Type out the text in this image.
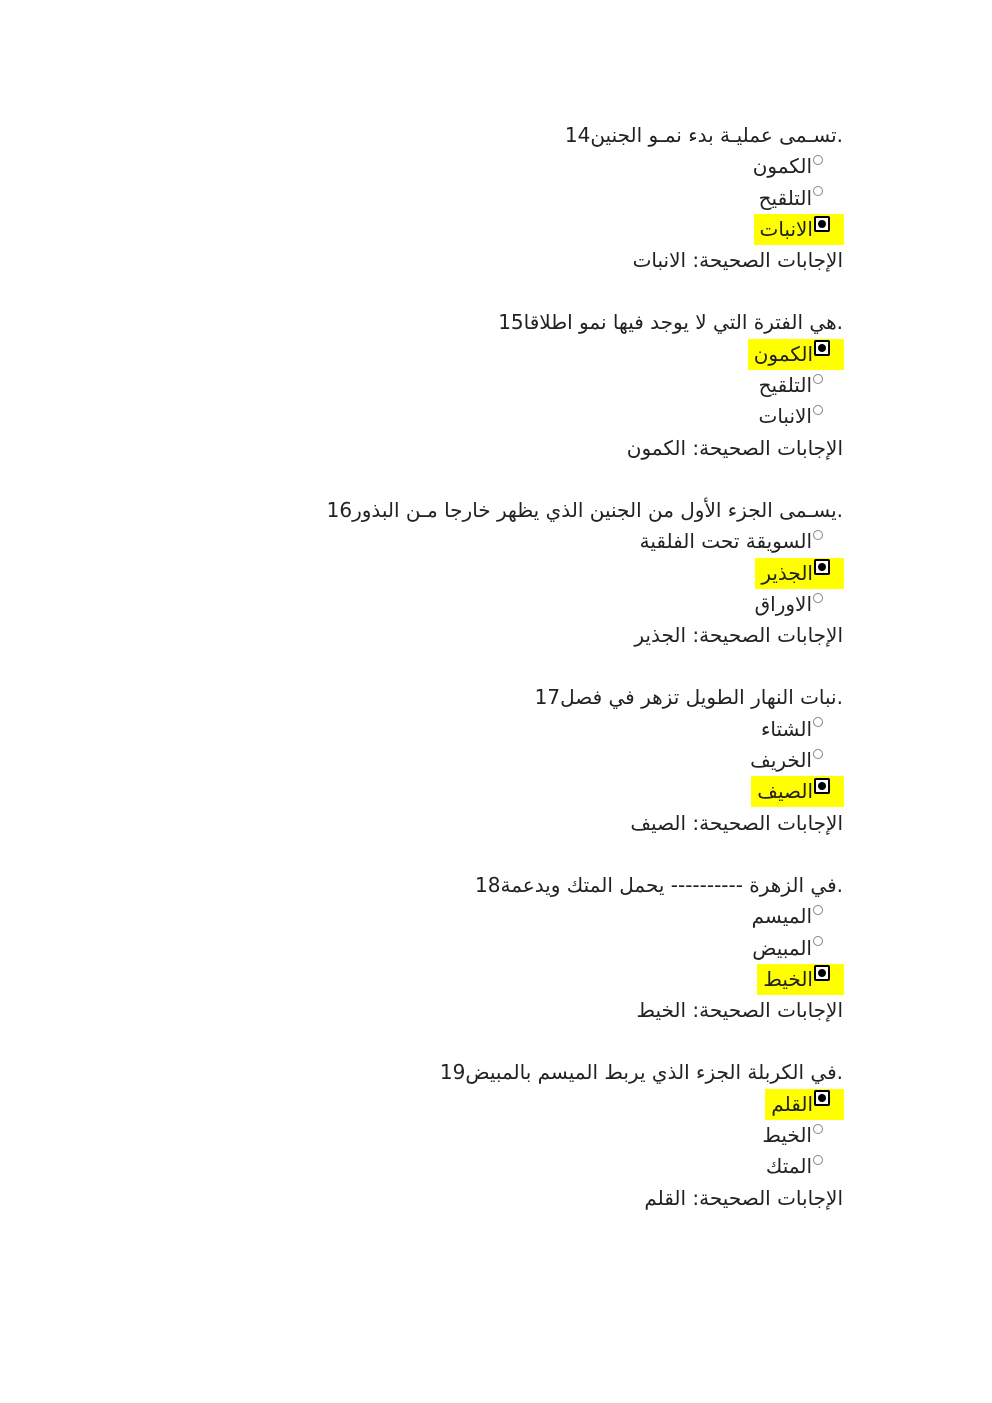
تسـمى عمليـة بدء نمـو الجنين14.
الكمون
التلقيح
الانبات
الإجابات الصحيحة: الانبات
هي الفترة التي لا يوجد فيها نمو اطلاقا15.
الكمون
التلقيح
الانبات
الإجابات الصحيحة: الكمون
يسـمى الجزء الأول من الجنين الذي يظهر خارجا مـن البذور16.
السويقة تحت الفلقية
الجذير
الاوراق
الإجابات الصحيحة: الجذير
نبات النهار الطويل تزهر في فصل17.
الشتاء
الخريف
الصيف
الإجابات الصحيحة: الصيف
في الزهرة ---------- يحمل المتك ويدعمة18.
الميسم
المبيض
الخيط
الإجابات الصحيحة: الخيط
في الكربلة الجزء الذي يربط الميسم بالمبيض19.
القلم
الخيط
المتك
الإجابات الصحيحة: القلم
